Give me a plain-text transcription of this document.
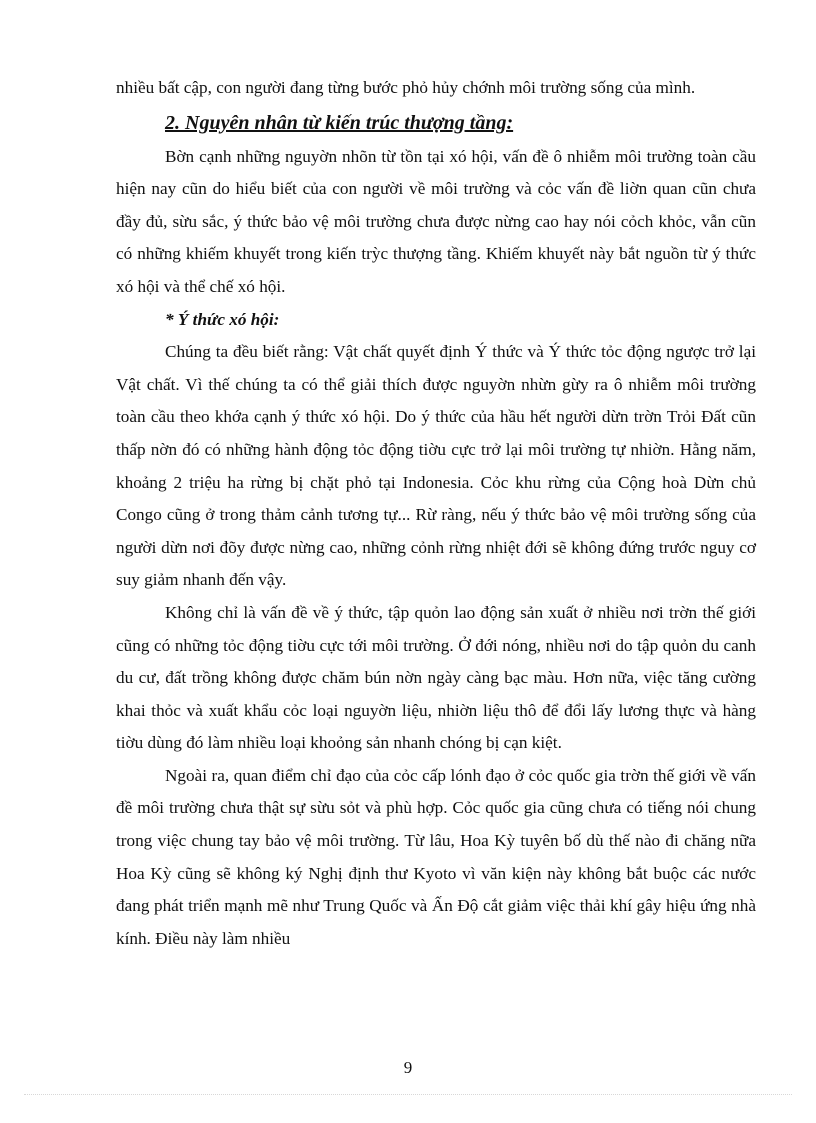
nhiều bất cập, con người đang từng bước phỏ hủy chớnh môi trường sống của mình.

2. Nguyên nhân từ kiến trúc thượng tầng:

Bờn cạnh những nguyờn nhõn từ tồn tại xó hội, vấn đề ô nhiễm môi trường toàn cầu hiện nay cũn do hiểu biết của con người về môi trường và cỏc vấn đề liờn quan cũn chưa đầy đủ, sừu sắc, ý thức bảo vệ môi trường chưa được nừng cao hay nói cỏch khỏc, vẫn cũn có những khiếm khuyết trong kiến trỳc thượng tầng. Khiếm khuyết này bắt nguồn từ ý thức xó hội và thể chế xó hội.

* Ý thức xó hội:

Chúng ta đều biết rằng: Vật chất quyết định Ý thức và Ý thức tỏc động ngược trở lại Vật chất. Vì thế chúng ta có thể giải thích được nguyờn nhừn gừy ra ô nhiễm môi trường toàn cầu theo khớa cạnh ý thức xó hội. Do ý thức của hầu hết người dừn trờn Trỏi Đất cũn thấp nờn đó có những hành động tỏc động tiờu cực trở lại môi trường tự nhiờn. Hằng năm, khoảng 2 triệu ha rừng bị chặt phỏ tại Indonesia. Cỏc khu rừng của Cộng hoà Dừn chủ Congo cũng ở trong thảm cảnh tương tự... Rừ ràng, nếu ý thức bảo vệ môi trường sống của người dừn nơi đõy được nừng cao, những cỏnh rừng nhiệt đới sẽ không đứng trước nguy cơ suy giảm nhanh đến vậy.

Không chỉ là vấn đề về ý thức, tập quỏn lao động sản xuất ở nhiều nơi trờn thế giới cũng có những tỏc động tiờu cực tới môi trường. Ở đới nóng, nhiều nơi do tập quỏn du canh du cư, đất trồng không được chăm bún nờn ngày càng bạc màu. Hơn nữa, việc tăng cường khai thỏc và xuất khẩu cỏc loại nguyờn liệu, nhiờn liệu thô để đổi lấy lương thực và hàng tiờu dùng đó làm nhiều loại khoỏng sản nhanh chóng bị cạn kiệt.

Ngoài ra, quan điểm chỉ đạo của cỏc cấp lónh đạo ở cỏc quốc gia trờn thế giới về vấn đề môi trường chưa thật sự sừu sỏt và phù hợp. Cỏc quốc gia cũng chưa có tiếng nói chung trong việc chung tay bảo vệ môi trường. Từ lâu, Hoa Kỳ tuyên bố dù thế nào đi chăng nữa Hoa Kỳ cũng sẽ không ký Nghị định thư Kyoto vì văn kiện này không bắt buộc các nước đang phát triển mạnh mẽ như Trung Quốc và Ấn Độ cắt giảm việc thải khí gây hiệu ứng nhà kính. Điều này làm nhiều

9
